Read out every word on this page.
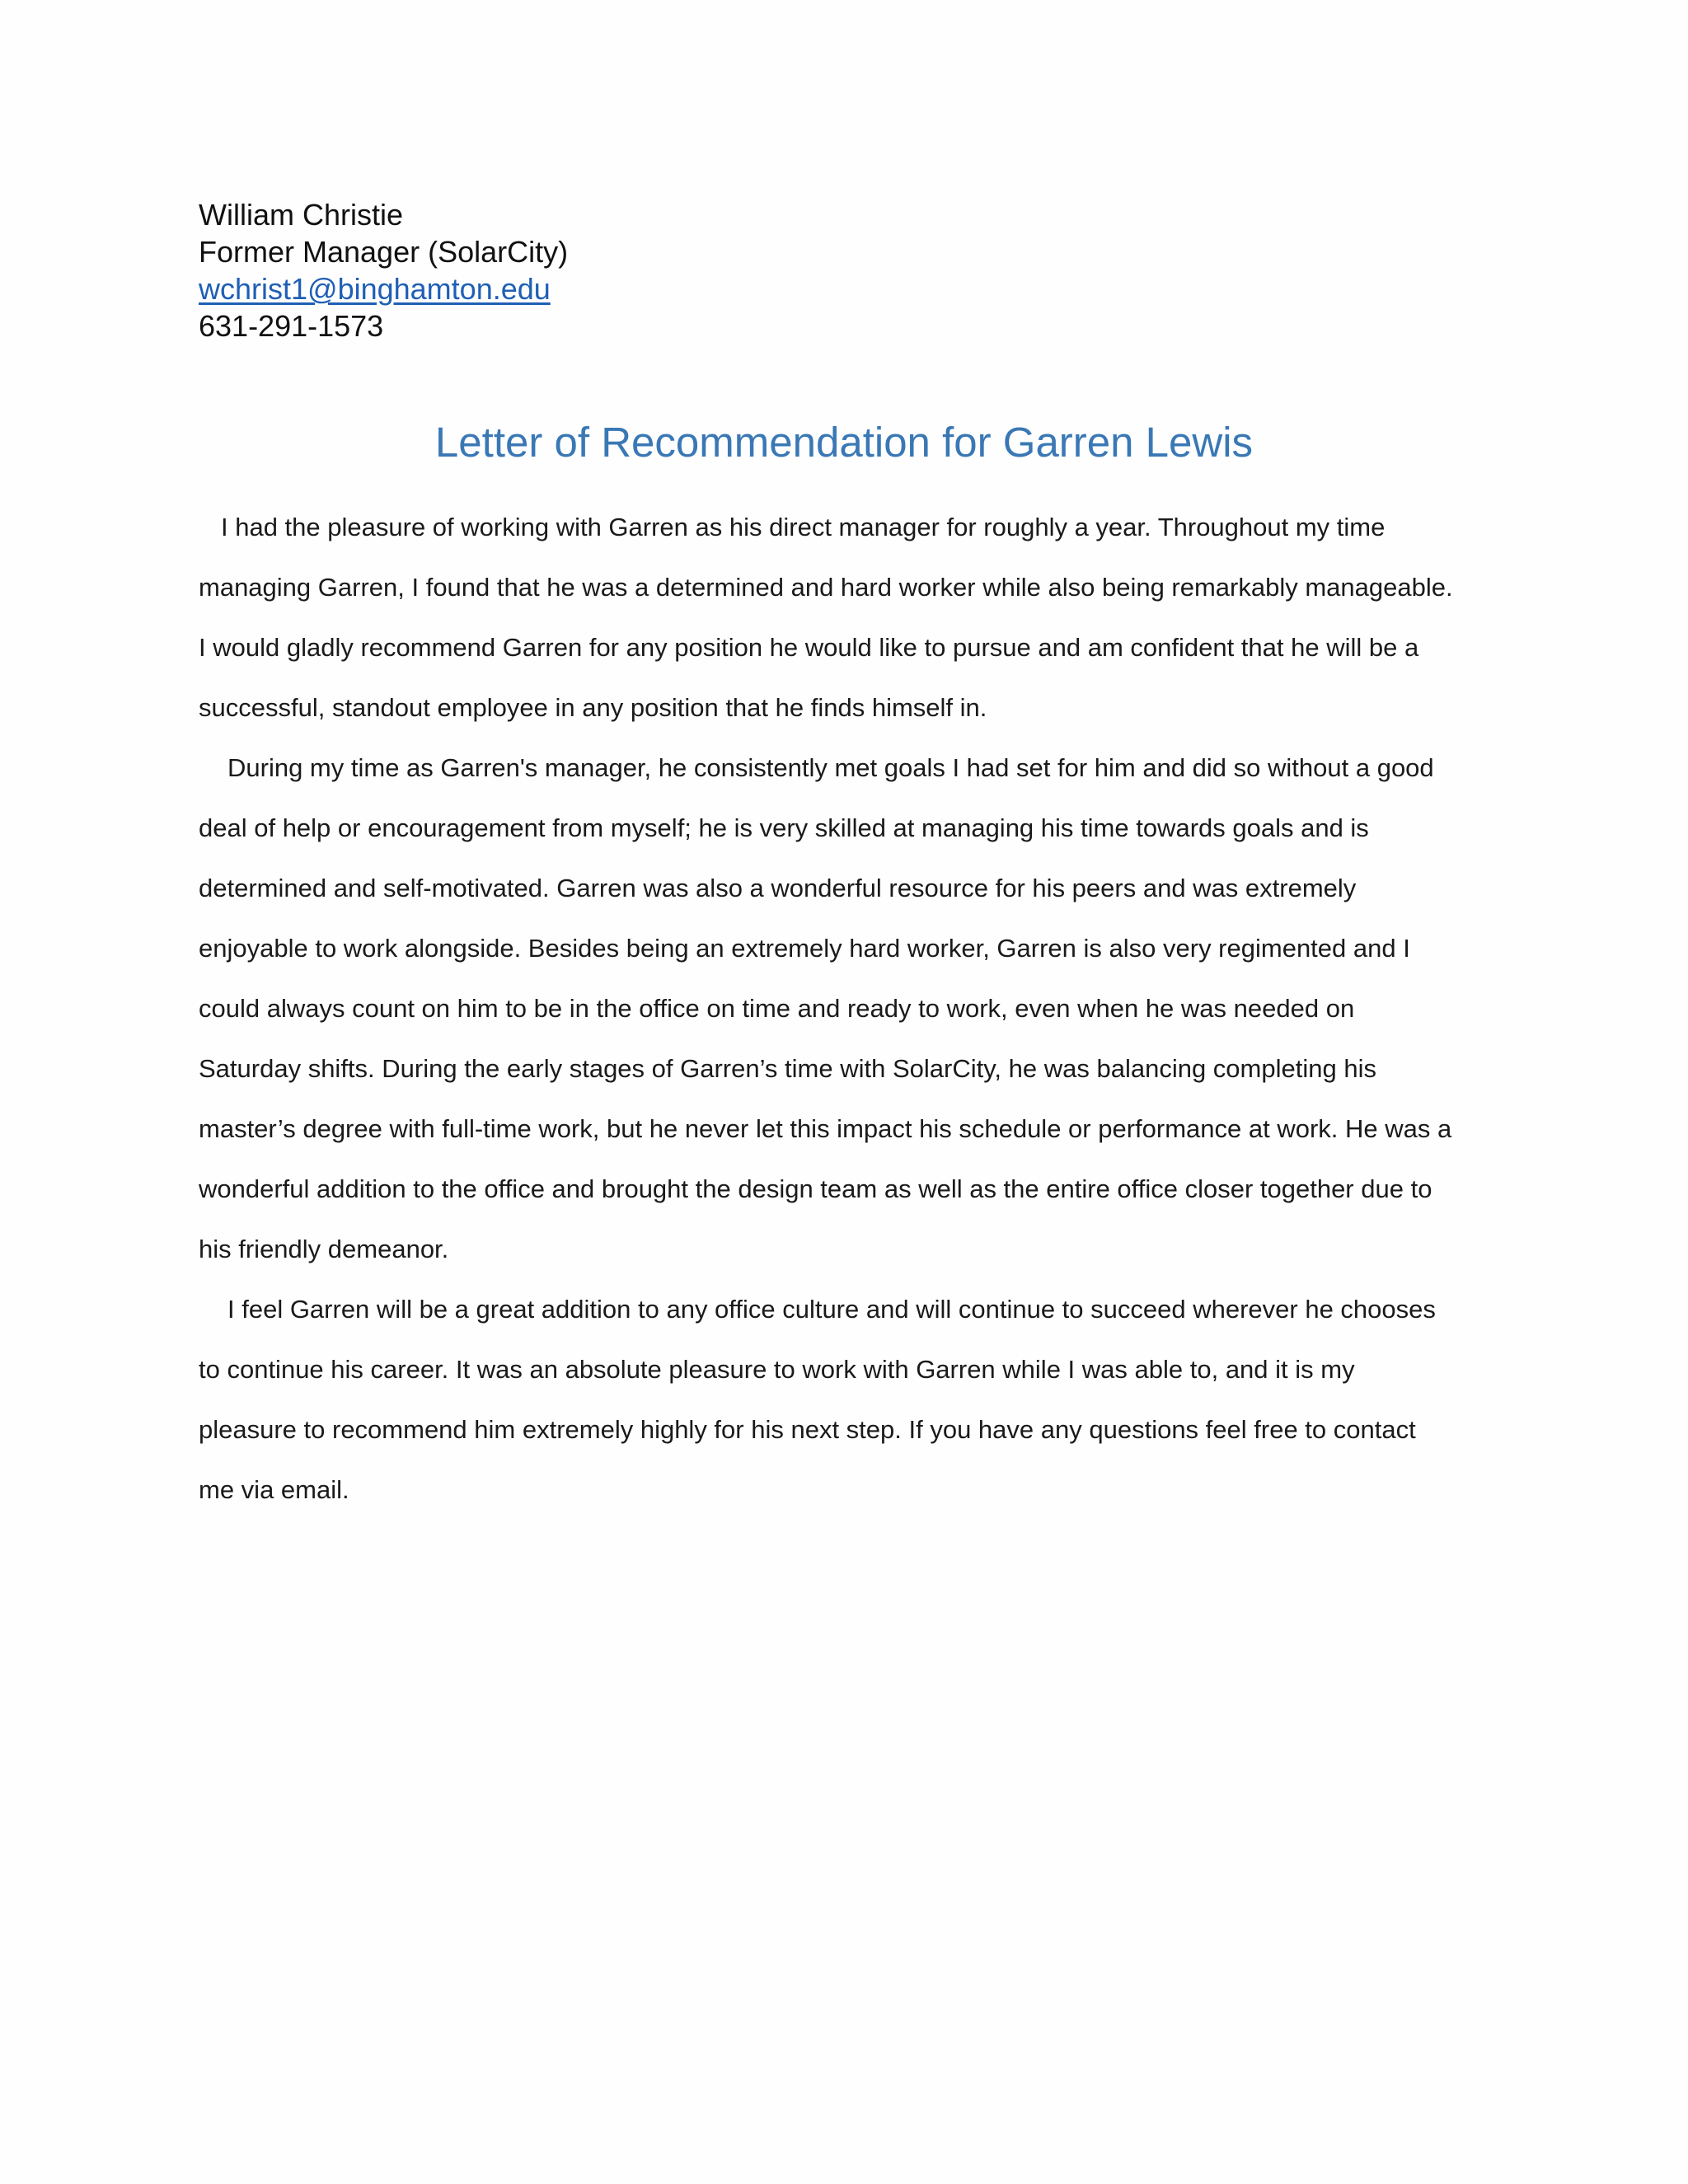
William Christie
Former Manager (SolarCity)
wchrist1@binghamton.edu
631-291-1573
Letter of Recommendation for Garren Lewis
I had the pleasure of working with Garren as his direct manager for roughly a year. Throughout my time
managing Garren, I found that he was a determined and hard worker while also being remarkably manageable.
I would gladly recommend Garren for any position he would like to pursue and am confident that he will be a
successful, standout employee in any position that he finds himself in.
During my time as Garren's manager, he consistently met goals I had set for him and did so without a good
deal of help or encouragement from myself; he is very skilled at managing his time towards goals and is
determined and self-motivated. Garren was also a wonderful resource for his peers and was extremely
enjoyable to work alongside. Besides being an extremely hard worker, Garren is also very regimented and I
could always count on him to be in the office on time and ready to work, even when he was needed on
Saturday shifts. During the early stages of Garren’s time with SolarCity, he was balancing completing his
master’s degree with full-time work, but he never let this impact his schedule or performance at work. He was a
wonderful addition to the office and brought the design team as well as the entire office closer together due to
his friendly demeanor.
I feel Garren will be a great addition to any office culture and will continue to succeed wherever he chooses
to continue his career. It was an absolute pleasure to work with Garren while I was able to, and it is my
pleasure to recommend him extremely highly for his next step. If you have any questions feel free to contact
me via email.
